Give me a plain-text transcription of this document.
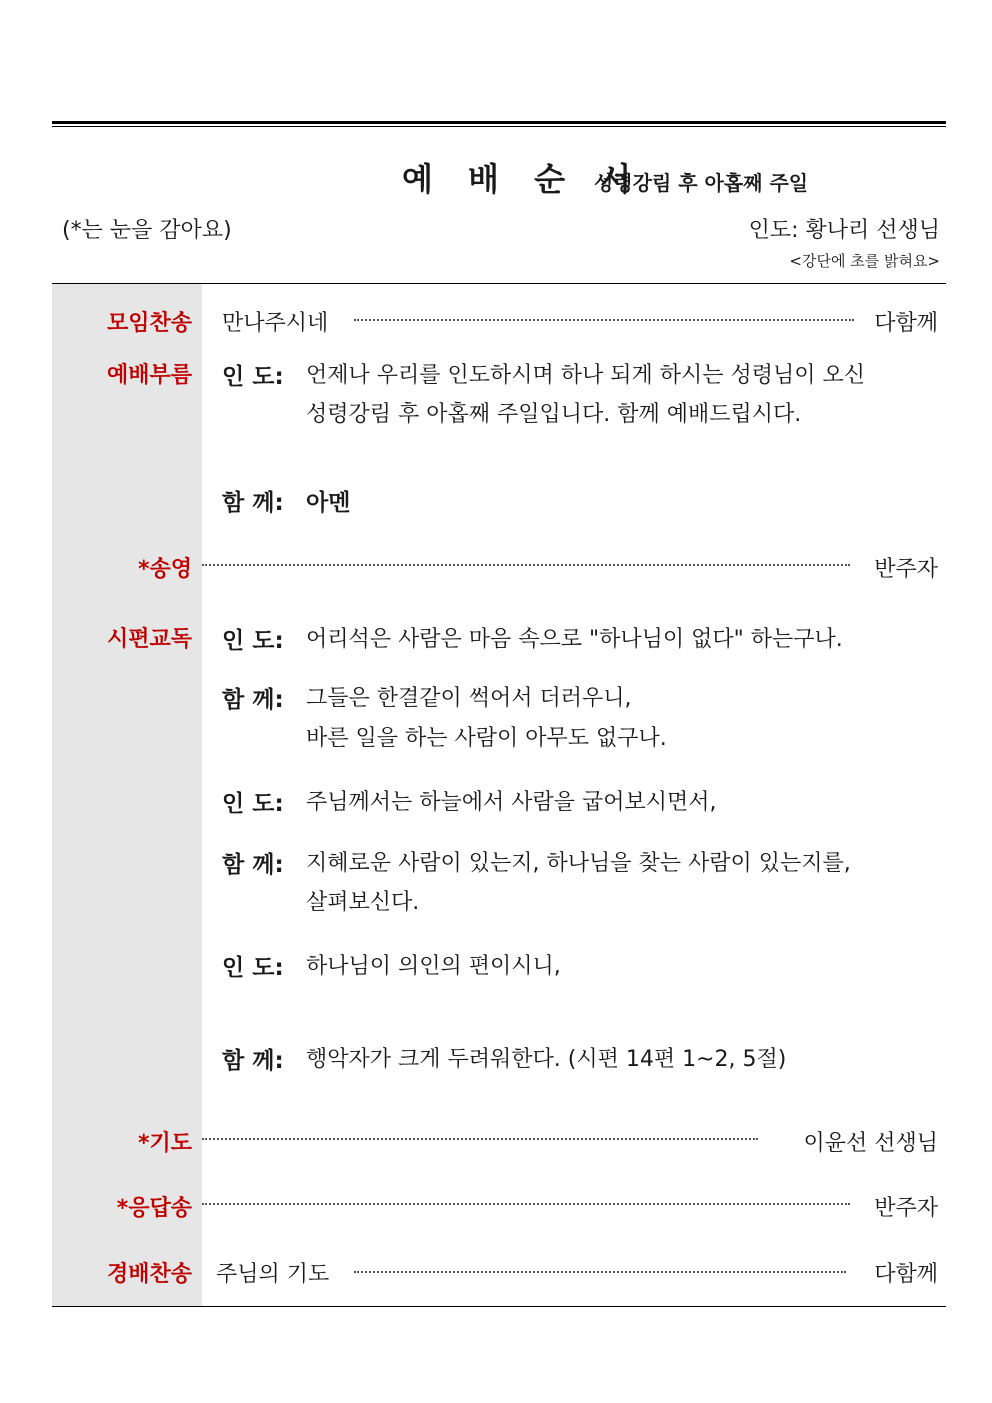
예 배 순 서
성령강림 후 아홉째 주일
(*는 눈을 감아요)	인도: 황나리 선생님
<강단에 초를 밝혀요>
모임찬송 만나주시네	다함께
예배부름 인 도: 언제나 우리를 인도하시며 하나 되게 하시는 성령님이 오신
성령강림 후 아홉째 주일입니다. 함께 예배드립시다.
함 께: 아멘
*송영	반주자
시편교독 인 도: 어리석은 사람은 마음 속으로 "하나님이 없다" 하는구나.
함 께: 그들은 한결같이 썩어서 더러우니,
바른 일을 하는 사람이 아무도 없구나.
인 도: 주님께서는 하늘에서 사람을 굽어보시면서,
함 께: 지혜로운 사람이 있는지, 하나님을 찾는 사람이 있는지를,
살펴보신다.
인 도: 하나님이 의인의 편이시니,
함 께: 행악자가 크게 두려워한다. (시편 14편 1~2, 5절)
*기도	이윤선 선생님
*응답송	반주자
경배찬송 주님의 기도	다함께
